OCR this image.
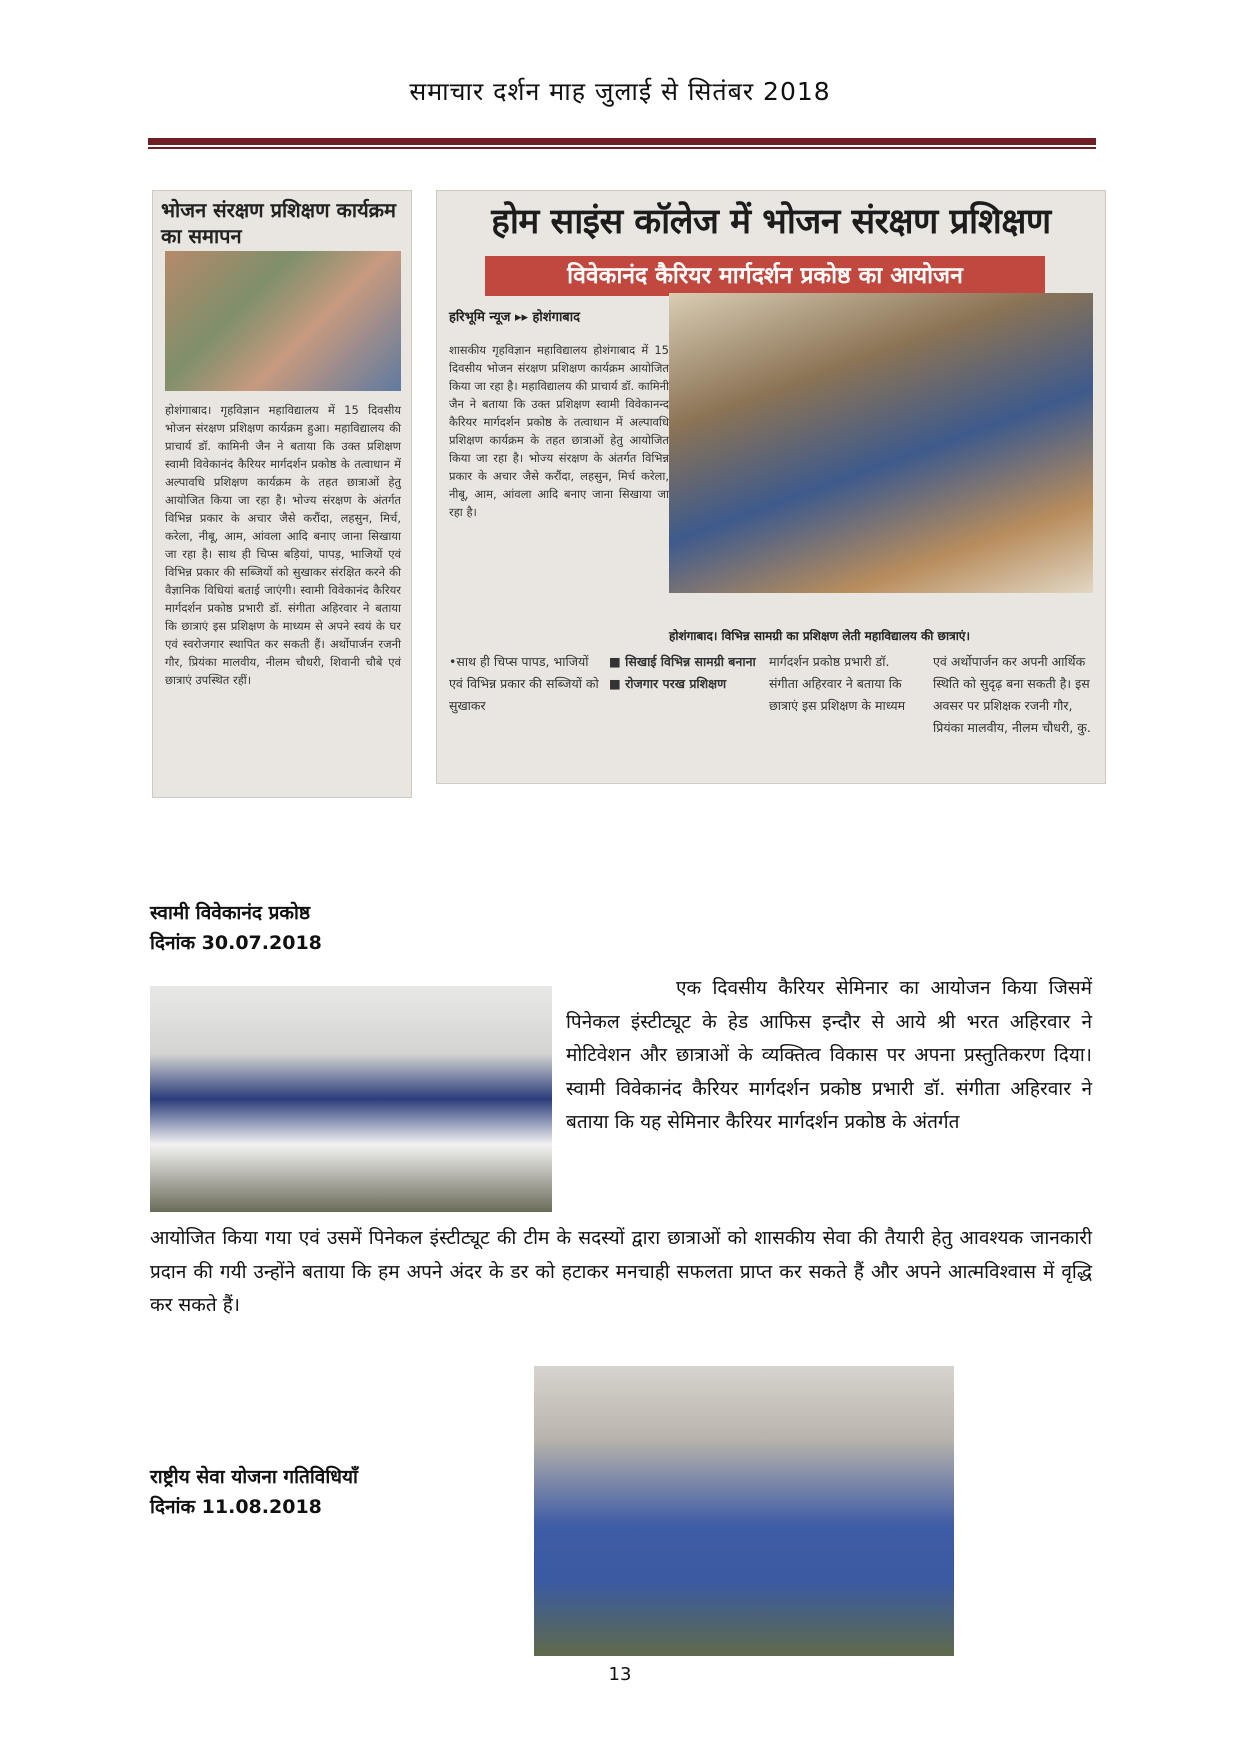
समाचार दर्शन माह जुलाई से सितंबर 2018
भोजन संरक्षण प्रशिक्षण कार्यक्रम का समापन
होशंगाबाद। गृहविज्ञान महाविद्यालय में 15 दिवसीय भोजन संरक्षण प्रशिक्षण कार्यक्रम हुआ। महाविद्यालय की प्राचार्य डॉ. कामिनी जैन ने बताया कि उक्त प्रशिक्षण स्वामी विवेकानंद कैरियर मार्गदर्शन प्रकोष्ठ के तत्वाधान में अल्पावधि प्रशिक्षण कार्यक्रम के तहत छात्राओं हेतु आयोजित किया जा रहा है। भोज्य संरक्षण के अंतर्गत विभिन्न प्रकार के अचार जैसे करौंदा, लहसुन, मिर्च, करेला, नीबू, आम, आंवला आदि बनाए जाना सिखाया जा रहा है। साथ ही चिप्स बड़ियां, पापड़, भाजियों एवं विभिन्न प्रकार की सब्जियों को सुखाकर संरक्षित करने की वैज्ञानिक विधियां बताई जाएंगी। स्वामी विवेकानंद कैरियर मार्गदर्शन प्रकोष्ठ प्रभारी डॉ. संगीता अहिरवार ने बताया कि छात्राएं इस प्रशिक्षण के माध्यम से अपने स्वयं के घर एवं स्वरोजगार स्थापित कर सकती हैं। अर्थोपार्जन रजनी गौर, प्रियंका मालवीय, नीलम चौधरी, शिवानी चौबे एवं छात्राएं उपस्थित रहीं।
होम साइंस कॉलेज में भोजन संरक्षण प्रशिक्षण
विवेकानंद कैरियर मार्गदर्शन प्रकोष्ठ का आयोजन
हरिभूमि न्यूज ▸▸ होशंगाबाद
शासकीय गृहविज्ञान महाविद्यालय होशंगाबाद में 15 दिवसीय भोजन संरक्षण प्रशिक्षण कार्यक्रम आयोजित किया जा रहा है। महाविद्यालय की प्राचार्य डॉ. कामिनी जैन ने बताया कि उक्त प्रशिक्षण स्वामी विवेकानन्द कैरियर मार्गदर्शन प्रकोष्ठ के तत्वाधान में अल्पावधि प्रशिक्षण कार्यक्रम के तहत छात्राओं हेतु आयोजित किया जा रहा है। भोज्य संरक्षण के अंतर्गत विभिन्न प्रकार के अचार जैसे करौंदा, लहसुन, मिर्च करेला, नीबू, आम, आंवला आदि बनाए जाना सिखाया जा रहा है।
होशंगाबाद। विभिन्न सामग्री का प्रशिक्षण लेती महाविद्यालय की छात्राएं।
•साथ ही चिप्स पापड, भाजियों एवं विभिन्न प्रकार की सब्जियों को सुखाकर
■ सिखाई विभिन्न सामग्री बनाना ■ रोजगार परख प्रशिक्षण
मार्गदर्शन प्रकोष्ठ प्रभारी डॉ. संगीता अहिरवार ने बताया कि छात्राएं इस प्रशिक्षण के माध्यम
एवं अर्थोपार्जन कर अपनी आर्थिक स्थिति को सुदृढ़ बना सकती है। इस अवसर पर प्रशिक्षक रजनी गौर, प्रियंका मालवीय, नीलम चौधरी, कु.
स्वामी विवेकानंद प्रकोष्ठ
दिनांक 30.07.2018
एक दिवसीय कैरियर सेमिनार का आयोजन किया जिसमें पिनेकल इंस्टीट्यूट के हेड आफिस इन्दौर से आये श्री भरत अहिरवार ने मोटिवेशन और छात्राओं के व्यक्तित्व विकास पर अपना प्रस्तुतिकरण दिया। स्वामी विवेकानंद कैरियर मार्गदर्शन प्रकोष्ठ प्रभारी डॉ. संगीता अहिरवार ने बताया कि यह सेमिनार कैरियर मार्गदर्शन प्रकोष्ठ के अंतर्गत
आयोजित किया गया एवं उसमें पिनेकल इंस्टीट्यूट की टीम के सदस्यों द्वारा छात्राओं को शासकीय सेवा की तैयारी हेतु आवश्यक जानकारी प्रदान की गयी उन्होंने बताया कि हम अपने अंदर के डर को हटाकर मनचाही सफलता प्राप्त कर सकते हैं और अपने आत्मविश्वास में वृद्धि कर सकते हैं।
राष्ट्रीय सेवा योजना गतिविधियाँ
दिनांक 11.08.2018
13
